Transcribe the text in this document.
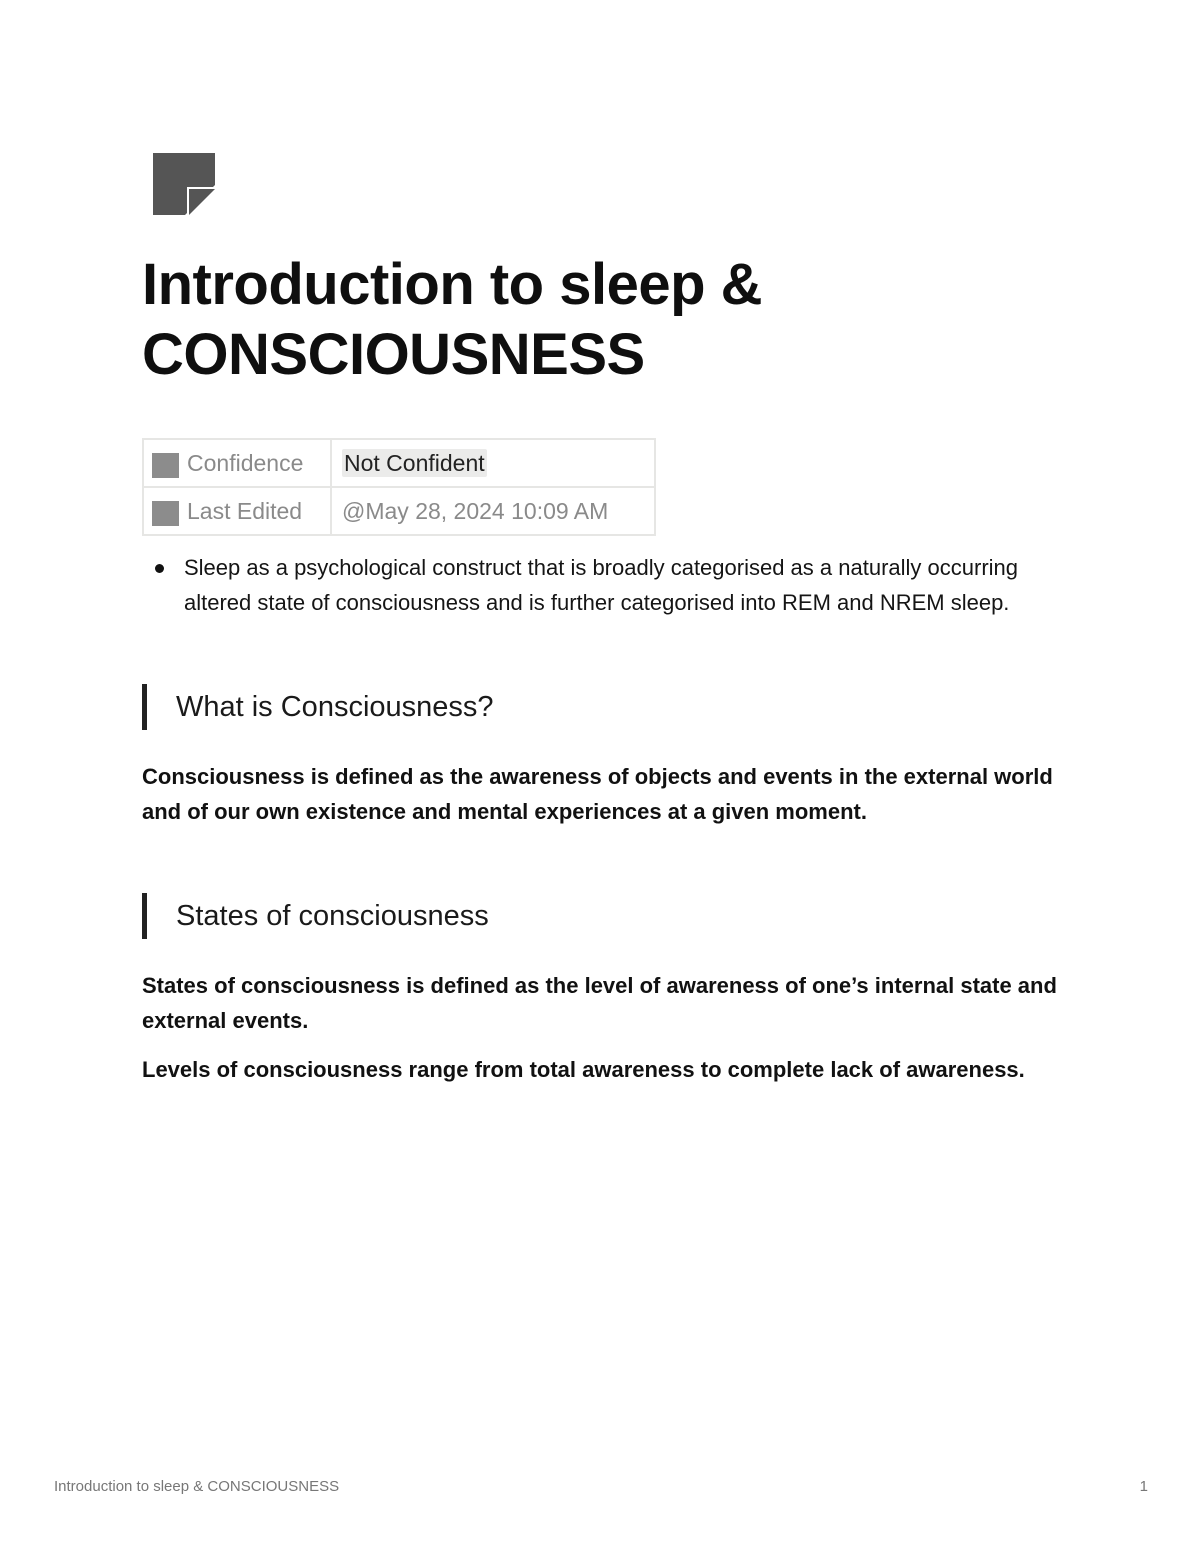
Introduction to sleep & CONSCIOUSNESS
Confidence	Not Confident

Last Edited	@May 28, 2024 10:09 AM
Sleep as a psychological construct that is broadly categorised as a naturally occurring altered state of consciousness and is further categorised into REM and NREM sleep.
What is Consciousness?

Consciousness is defined as the awareness of objects and events in the external world and of our own existence and mental experiences at a given moment.

States of consciousness

States of consciousness is defined as the level of awareness of one’s internal state and external events.

Levels of consciousness range from total awareness to complete lack of awareness.

Introduction to sleep & CONSCIOUSNESS	1
